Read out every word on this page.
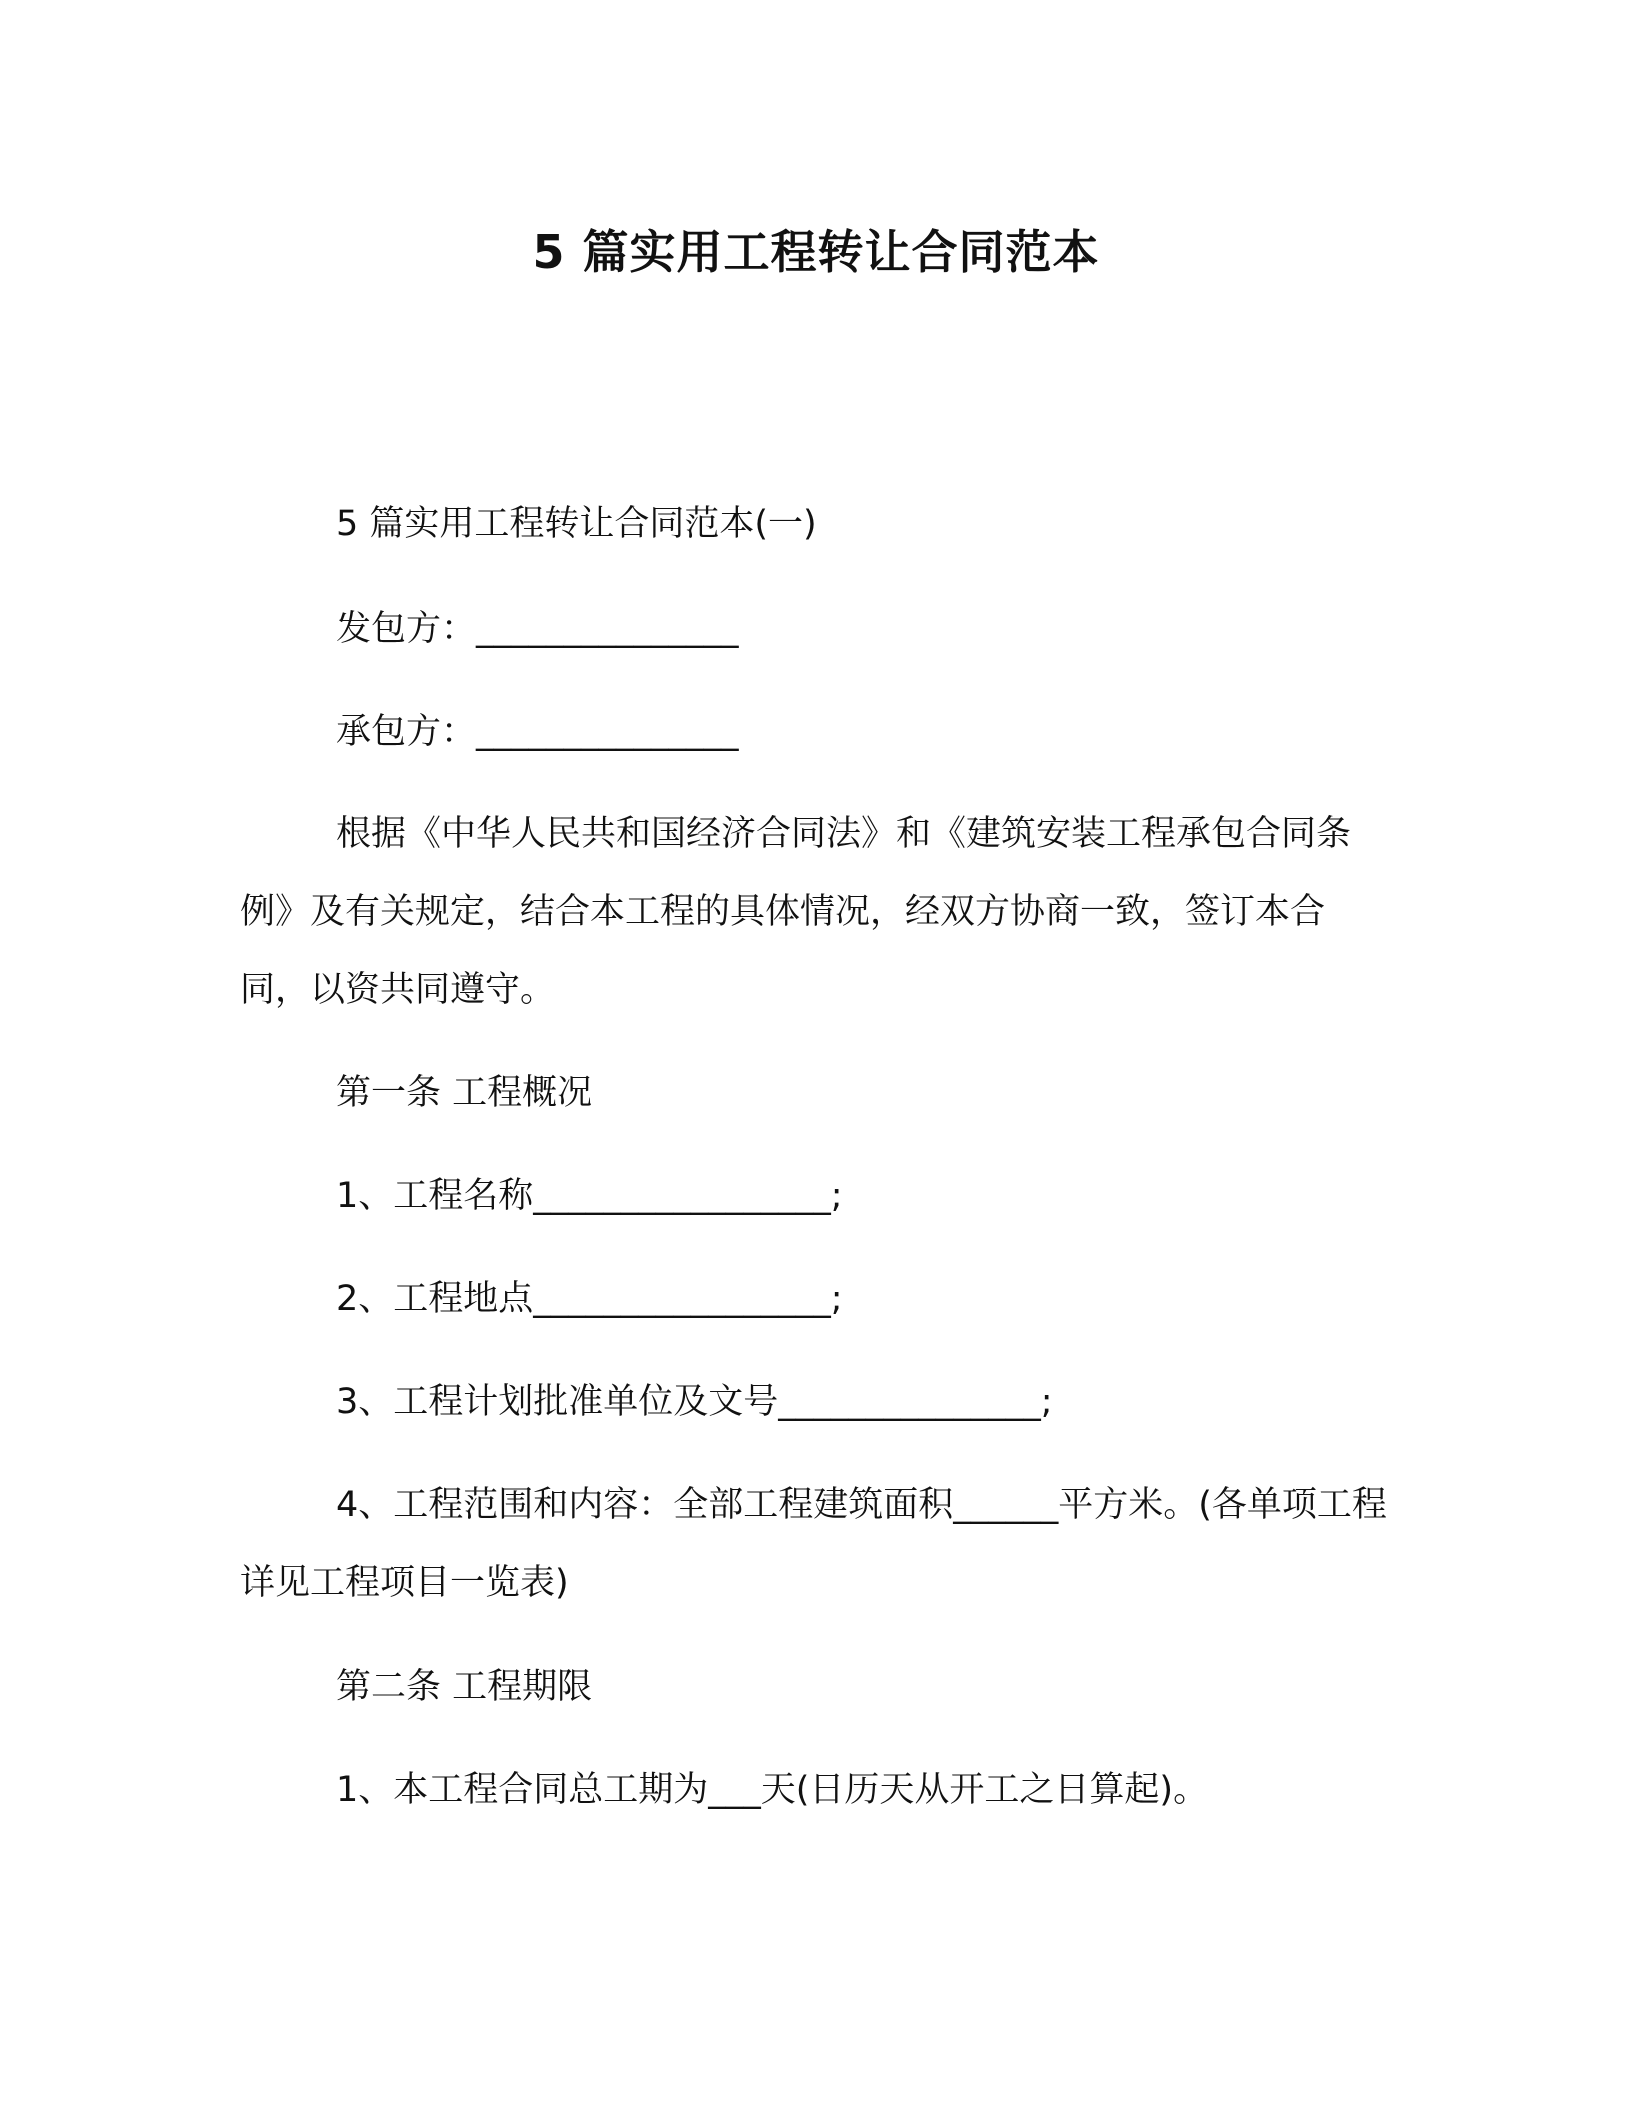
5 篇实用工程转让合同范本

5 篇实用工程转让合同范本(一)

发包方：_______________

承包方：_______________

根据《中华人民共和国经济合同法》和《建筑安装工程承包合同条例》及有关规定，结合本工程的具体情况，经双方协商一致，签订本合同，以资共同遵守。

第一条 工程概况

1、工程名称_________________;

2、工程地点_________________;

3、工程计划批准单位及文号_______________;

4、工程范围和内容：全部工程建筑面积______平方米。(各单项工程详见工程项目一览表)

第二条 工程期限

1、本工程合同总工期为___天(日历天从开工之日算起)。
